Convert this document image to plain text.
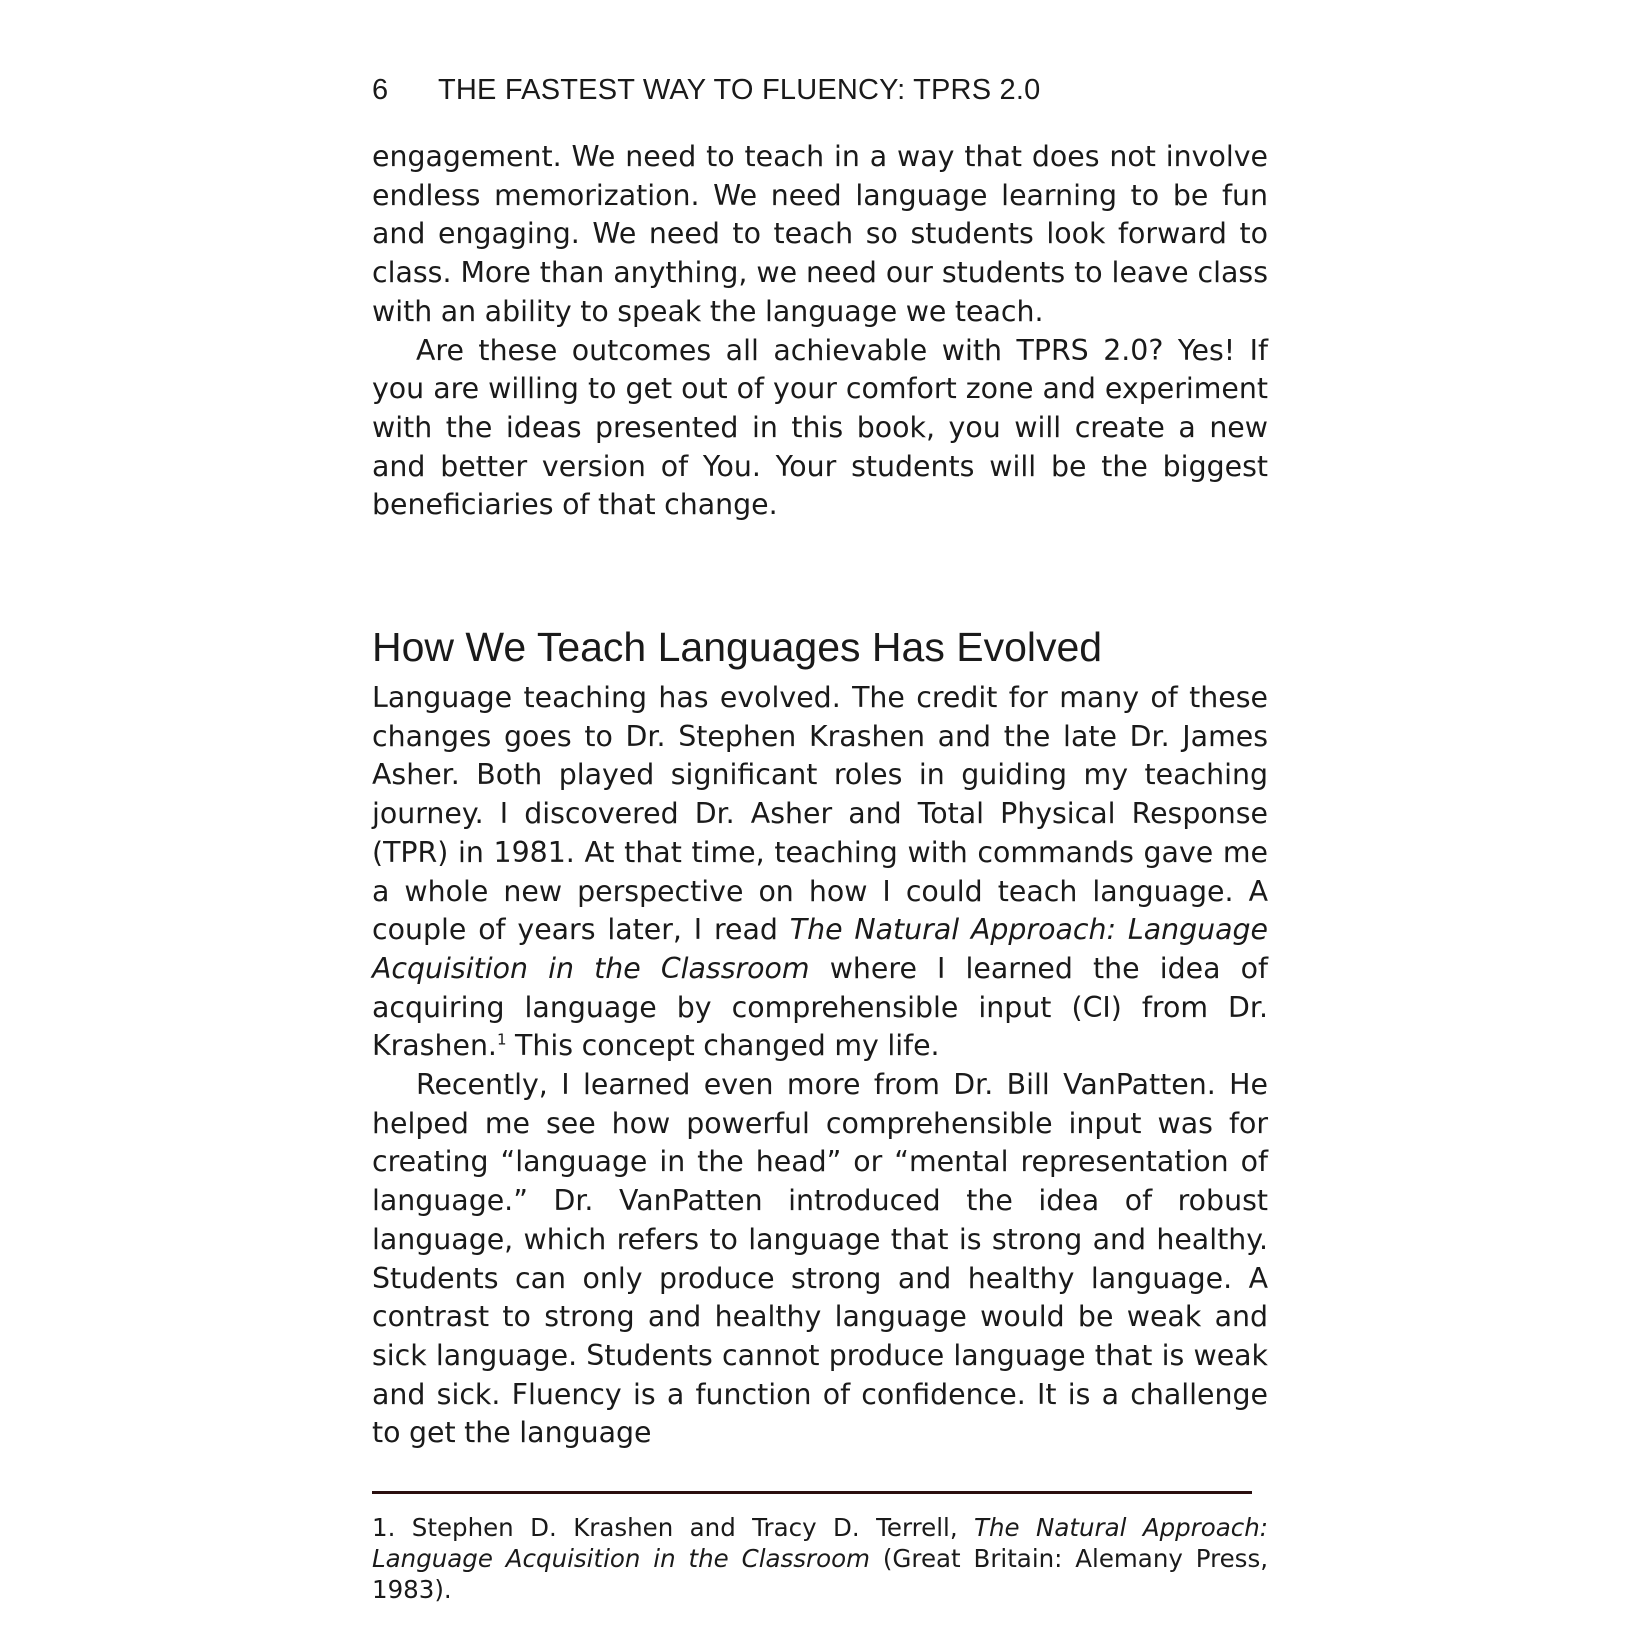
6 THE FASTEST WAY TO FLUENCY: TPRS 2.0

engagement. We need to teach in a way that does not involve endless memorization. We need language learning to be fun and engaging. We need to teach so students look forward to class. More than anything, we need our students to leave class with an ability to speak the language we teach.

Are these outcomes all achievable with TPRS 2.0? Yes! If you are willing to get out of your comfort zone and experiment with the ideas presented in this book, you will create a new and better version of You. Your students will be the biggest beneficiaries of that change.

How We Teach Languages Has Evolved

Language teaching has evolved. The credit for many of these changes goes to Dr. Stephen Krashen and the late Dr. James Asher. Both played significant roles in guiding my teaching journey. I discovered Dr. Asher and Total Physical Response (TPR) in 1981. At that time, teaching with commands gave me a whole new perspective on how I could teach language. A couple of years later, I read The Natural Approach: Language Acquisition in the Classroom where I learned the idea of acquiring language by comprehensible input (CI) from Dr. Krashen.$^1$ This concept changed my life.

Recently, I learned even more from Dr. Bill VanPatten. He helped me see how powerful comprehensible input was for creating “language in the head” or “mental representation of language.” Dr. VanPatten introduced the idea of robust language, which refers to language that is strong and healthy. Students can only produce strong and healthy language. A contrast to strong and healthy language would be weak and sick language. Students cannot produce language that is weak and sick. Fluency is a function of confidence. It is a challenge to get the language

1. Stephen D. Krashen and Tracy D. Terrell, The Natural Approach: Language Acquisition in the Classroom (Great Britain: Alemany Press, 1983).
